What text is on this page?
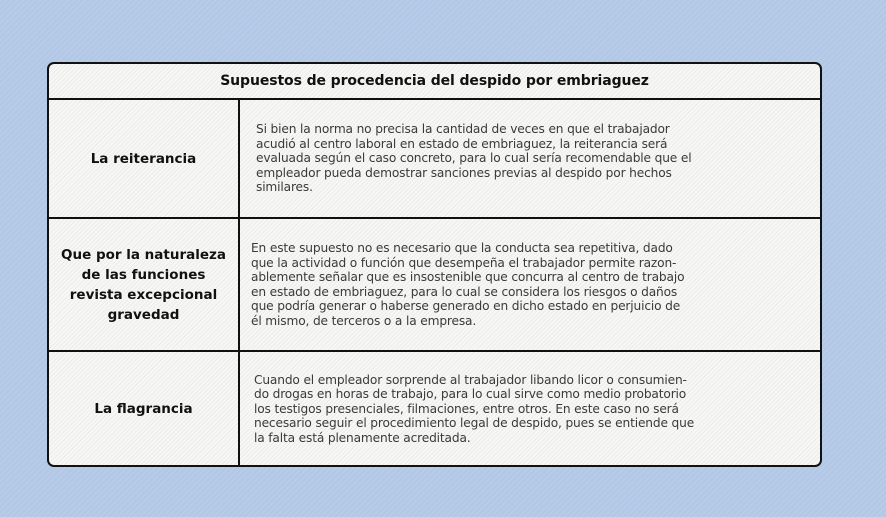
Supuestos de procedencia del despido por embriaguez
La reiterancia
Si bien la norma no precisa la cantidad de veces en que el trabajador
acudió al centro laboral en estado de embriaguez, la reiterancia será
evaluada según el caso concreto, para lo cual sería recomendable que el
empleador pueda demostrar sanciones previas al despido por hechos
similares.
Que por la naturaleza
de las funciones
revista excepcional
gravedad
En este supuesto no es necesario que la conducta sea repetitiva, dado
que la actividad o función que desempeña el trabajador permite razon-
ablemente señalar que es insostenible que concurra al centro de trabajo
en estado de embriaguez, para lo cual se considera los riesgos o daños
que podría generar o haberse generado en dicho estado en perjuicio de
él mismo, de terceros o a la empresa.
La flagrancia
Cuando el empleador sorprende al trabajador libando licor o consumien-
do drogas en horas de trabajo, para lo cual sirve como medio probatorio
los testigos presenciales, filmaciones, entre otros. En este caso no será
necesario seguir el procedimiento legal de despido, pues se entiende que
la falta está plenamente acreditada.
